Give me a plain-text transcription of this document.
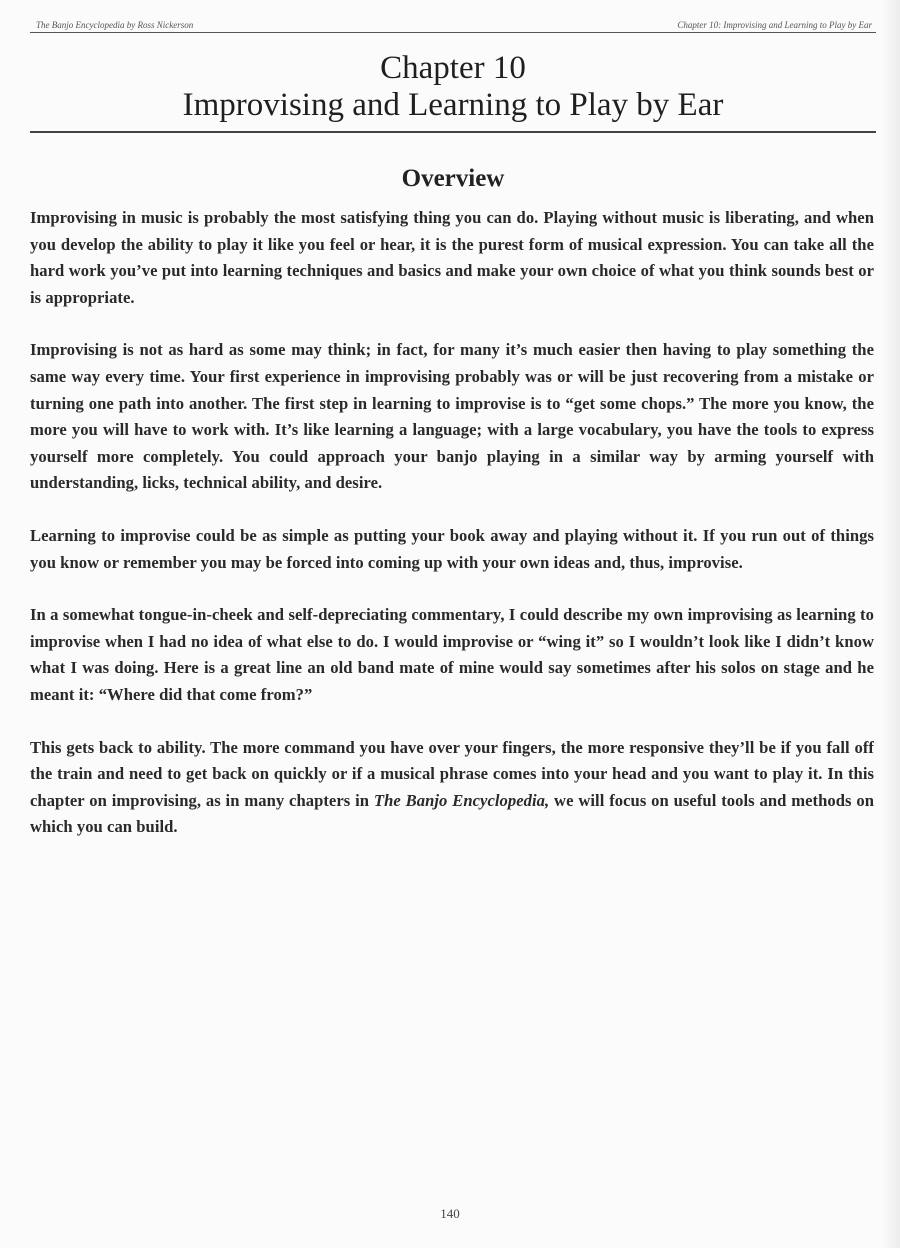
The Banjo Encyclopedia by Ross Nickerson	Chapter 10: Improvising and Learning to Play by Ear
Chapter 10
Improvising and Learning to Play by Ear
Overview

Improvising in music is probably the most satisfying thing you can do. Playing without music is liberating, and when you develop the ability to play it like you feel or hear, it is the purest form of musical expression. You can take all the hard work you’ve put into learning techniques and basics and make your own choice of what you think sounds best or is appropriate.

Improvising is not as hard as some may think; in fact, for many it’s much easier then having to play something the same way every time. Your first experience in improvising probably was or will be just recovering from a mistake or turning one path into another. The first step in learning to improvise is to “get some chops.” The more you know, the more you will have to work with. It’s like learning a language; with a large vocabulary, you have the tools to express yourself more completely. You could approach your banjo playing in a similar way by arming yourself with understanding, licks, technical ability, and desire.

Learning to improvise could be as simple as putting your book away and playing without it. If you run out of things you know or remember you may be forced into coming up with your own ideas and, thus, improvise.

In a somewhat tongue-in-cheek and self-depreciating commentary, I could describe my own improvising as learning to improvise when I had no idea of what else to do. I would improvise or “wing it” so I wouldn’t look like I didn’t know what I was doing. Here is a great line an old band mate of mine would say sometimes after his solos on stage and he meant it: “Where did that come from?”

This gets back to ability. The more command you have over your fingers, the more responsive they’ll be if you fall off the train and need to get back on quickly or if a musical phrase comes into your head and you want to play it. In this chapter on improvising, as in many chapters in The Banjo Encyclopedia, we will focus on useful tools and methods on which you can build.

140
